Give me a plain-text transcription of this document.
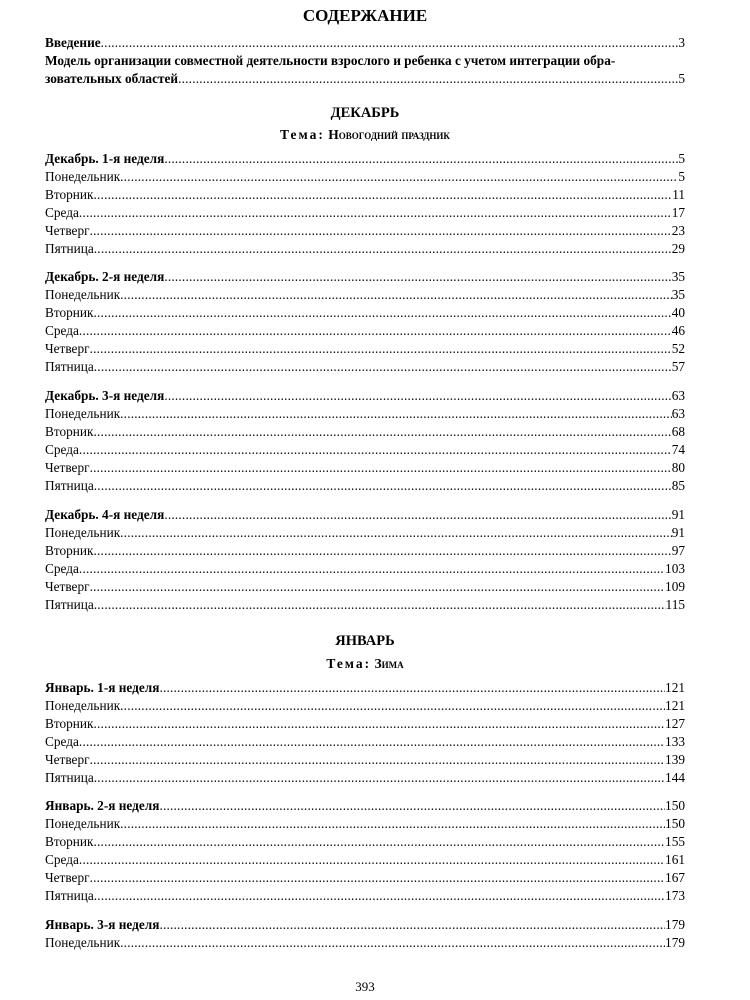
СОДЕРЖАНИЕ
Введение .....	3
Модель организации совместной деятельности взрослого и ребенка с учетом интеграции обра-
зовательных областей .....	5
ДЕКАБРЬ
Тема: Новогодний праздник
Декабрь. 1-я неделя .....	5
Понедельник .....	5
Вторник .....	11
Среда .....	17
Четверг .....	23
Пятница .....	29
Декабрь. 2-я неделя .....	35
Понедельник .....	35
Вторник .....	40
Среда .....	46
Четверг .....	52
Пятница .....	57
Декабрь. 3-я неделя .....	63
Понедельник .....	63
Вторник .....	68
Среда .....	74
Четверг .....	80
Пятница .....	85
Декабрь. 4-я неделя .....	91
Понедельник .....	91
Вторник .....	97
Среда .....	103
Четверг .....	109
Пятница .....	115
ЯНВАРЬ
Тема: Зима
Январь. 1-я неделя .....	121
Понедельник .....	121
Вторник .....	127
Среда .....	133
Четверг .....	139
Пятница .....	144
Январь. 2-я неделя .....	150
Понедельник .....	150
Вторник .....	155
Среда .....	161
Четверг .....	167
Пятница .....	173
Январь. 3-я неделя .....	179
Понедельник .....	179
393
